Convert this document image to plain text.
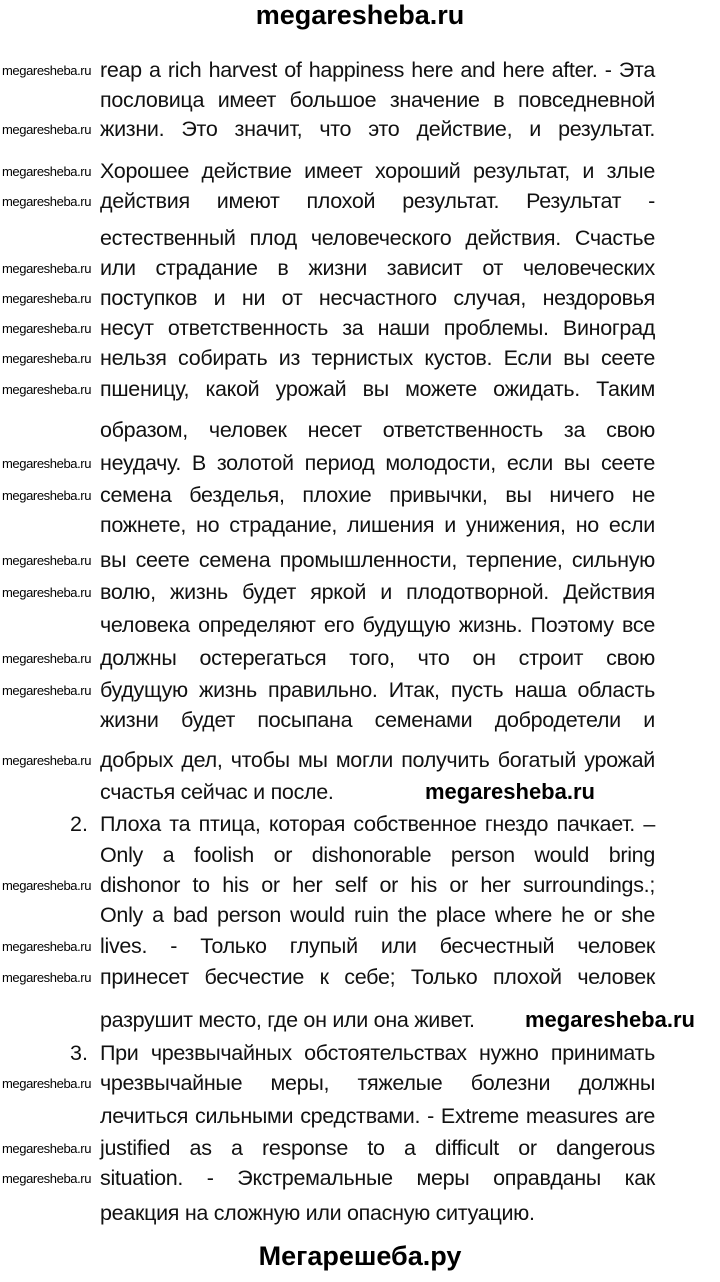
megaresheba.ru
reap a rich harvest of happiness here and here after. - Эта
пословица имеет большое значение в повседневной
жизни. Это значит, что это действие, и результат.
Хорошее действие имеет хороший результат, и злые
действия имеют плохой результат. Результат -
естественный плод человеческого действия. Счастье
или страдание в жизни зависит от человеческих
поступков и ни от несчастного случая, нездоровья
несут ответственность за наши проблемы. Виноград
нельзя собирать из тернистых кустов. Если вы сеете
пшеницу, какой урожай вы можете ожидать. Таким
образом, человек несет ответственность за свою
неудачу. В золотой период молодости, если вы сеете
семена безделья, плохие привычки, вы ничего не
пожнете, но страдание, лишения и унижения, но если
вы сеете семена промышленности, терпение, сильную
волю, жизнь будет яркой и плодотворной. Действия
человека определяют его будущую жизнь. Поэтому все
должны остерегаться того, что он строит свою
будущую жизнь правильно. Итак, пусть наша область
жизни будет посыпана семенами добродетели и
добрых дел, чтобы мы могли получить богатый урожай
счастья сейчас и после.
2. Плоха та птица, которая собственное гнездо пачкает. –
Only a foolish or dishonorable person would bring
dishonor to his or her self or his or her surroundings.;
Only a bad person would ruin the place where he or she
lives. - Только глупый или бесчестный человек
принесет бесчестие к себе; Только плохой человек
разрушит место, где он или она живет.
3. При чрезвычайных обстоятельствах нужно принимать
чрезвычайные меры, тяжелые болезни должны
лечиться сильными средствами. - Extreme measures are
justified as a response to a difficult or dangerous
situation. - Экстремальные меры оправданы как
реакция на сложную или опасную ситуацию.
megaresheba.ru
megaresheba.ru
megaresheba.ru
megaresheba.ru
megaresheba.ru
megaresheba.ru
megaresheba.ru
megaresheba.ru
megaresheba.ru
megaresheba.ru
megaresheba.ru
megaresheba.ru
megaresheba.ru
megaresheba.ru
megaresheba.ru
megaresheba.ru
megaresheba.ru
megaresheba.ru
megaresheba.ru
megaresheba.ru
megaresheba.ru
megaresheba.ru
megaresheba.ru
megaresheba.ru
Мегарешеба.ру
